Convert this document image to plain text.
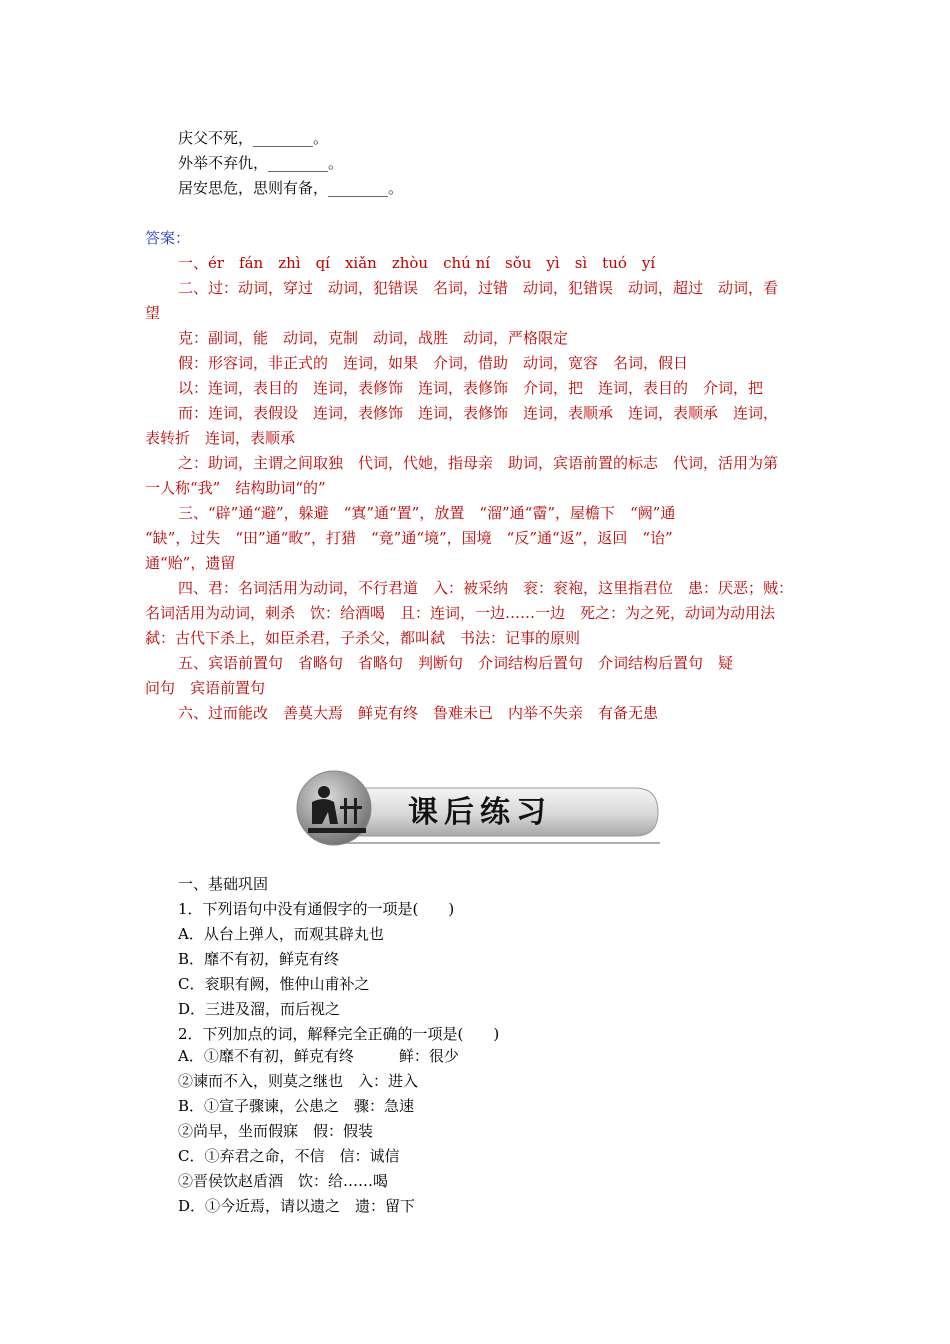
庆父不死，________。
外举不弃仇，________。
居安思危，思则有备，________。
答案：
一、ér　fán　zhì　qí　xiǎn　zhòu　chú ní　sǒu　yì　sì　tuó　yí
二、过：动词，穿过　动词，犯错误　名词，过错　动词，犯错误　动词，超过　动词，看
望
克：副词，能　动词，克制　动词，战胜　动词，严格限定
假：形容词，非正式的　连词，如果　介词，借助　动词，宽容　名词，假日
以：连词，表目的　连词，表修饰　连词，表修饰　介词，把　连词，表目的　介词，把
而：连词，表假设　连词，表修饰　连词，表修饰　连词，表顺承　连词，表顺承　连词，
表转折　连词，表顺承
之：助词，主谓之间取独　代词，代她，指母亲　助词，宾语前置的标志　代词，活用为第
一人称“我”　结构助词“的”
三、“辟”通“避”，躲避　“寘”通“置”，放置　“溜”通“霤”，屋檐下　“阙”通
“缺”，过失　“田”通“畋”，打猎　“竟”通“境”，国境　“反”通“返”，返回　“诒”
通“贻”，遗留
四、君：名词活用为动词，不行君道　入：被采纳　衮：衮袍，这里指君位　患：厌恶；贼：
名词活用为动词，刺杀　饮：给酒喝　且：连词，一边……一边　死之：为之死，动词为动用法
弑：古代下杀上，如臣杀君，子杀父，都叫弑　书法：记事的原则
五、宾语前置句　省略句　省略句　判断句　介词结构后置句　介词结构后置句　疑
问句　宾语前置句
六、过而能改　善莫大焉　鲜克有终　鲁难未已　内举不失亲　有备无患
课后练习
一、基础巩固
1．下列语句中没有通假字的一项是(　　)
A．从台上弹人，而观其辟丸也
B．靡不有初，鲜克有终
C．衮职有阙，惟仲山甫补之
D．三进及溜，而后视之
2．下列加点的词，解释完全正确的一项是(　　)
A．①靡不有初，鲜克有终　　　鲜：很少
②谏而不入，则莫之继也　入：进入
B．①宣子骤谏，公患之　骤：急速
②尚早，坐而假寐　假：假装
C．①弃君之命，不信　信：诚信
②晋侯饮赵盾酒　饮：给……喝
D．①今近焉，请以遗之　遗：留下
